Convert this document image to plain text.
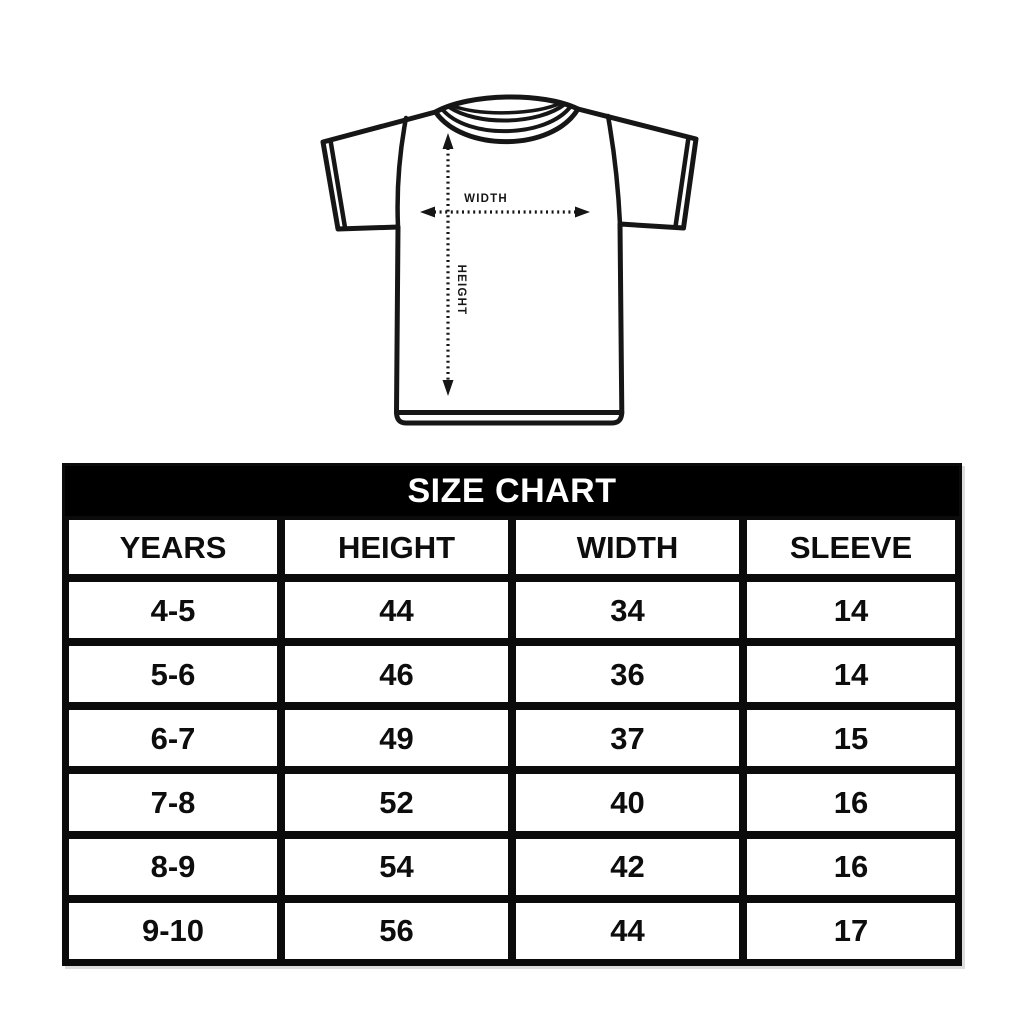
WIDTH
HEIGHT
SIZE CHART
YEARS	HEIGHT	WIDTH	SLEEVE
4-5	44	34	14
5-6	46	36	14
6-7	49	37	15
7-8	52	40	16
8-9	54	42	16
9-10	56	44	17
